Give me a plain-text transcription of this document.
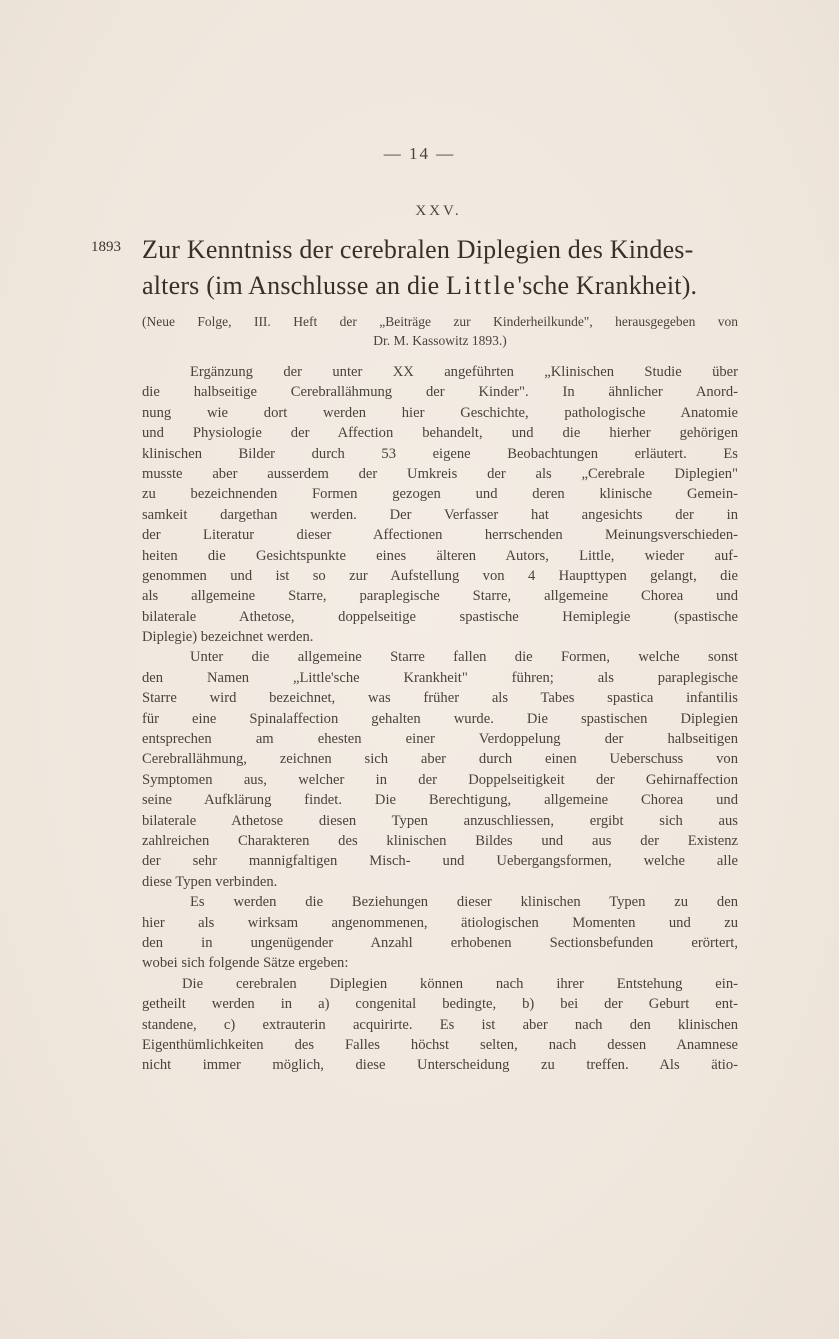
— 14 —
XXV.
1893 Zur Kenntniss der cerebralen Diplegien des Kindes-
alters (im Anschlusse an die Little'sche Krankheit).
(Neue Folge, III. Heft der „Beiträge zur Kinderheilkunde", herausgegeben von
Dr. M. Kassowitz 1893.)
Ergänzung der unter XX angeführten „Klinischen Studie über
die halbseitige Cerebrallähmung der Kinder". In ähnlicher Anord-
nung wie dort werden hier Geschichte, pathologische Anatomie
und Physiologie der Affection behandelt, und die hierher gehörigen
klinischen Bilder durch 53 eigene Beobachtungen erläutert. Es
musste aber ausserdem der Umkreis der als „Cerebrale Diplegien"
zu bezeichnenden Formen gezogen und deren klinische Gemein-
samkeit dargethan werden. Der Verfasser hat angesichts der in
der Literatur dieser Affectionen herrschenden Meinungsverschieden-
heiten die Gesichtspunkte eines älteren Autors, Little, wieder auf-
genommen und ist so zur Aufstellung von 4 Haupttypen gelangt, die
als allgemeine Starre, paraplegische Starre, allgemeine Chorea und
bilaterale Athetose, doppelseitige spastische Hemiplegie (spastische
Diplegie) bezeichnet werden.
Unter die allgemeine Starre fallen die Formen, welche sonst
den Namen „Little'sche Krankheit" führen; als paraplegische
Starre wird bezeichnet, was früher als Tabes spastica infantilis
für eine Spinalaffection gehalten wurde. Die spastischen Diplegien
entsprechen am ehesten einer Verdoppelung der halbseitigen
Cerebrallähmung, zeichnen sich aber durch einen Ueberschuss von
Symptomen aus, welcher in der Doppelseitigkeit der Gehirnaffection
seine Aufklärung findet. Die Berechtigung, allgemeine Chorea und
bilaterale Athetose diesen Typen anzuschliessen, ergibt sich aus
zahlreichen Charakteren des klinischen Bildes und aus der Existenz
der sehr mannigfaltigen Misch- und Uebergangsformen, welche alle
diese Typen verbinden.
Es werden die Beziehungen dieser klinischen Typen zu den
hier als wirksam angenommenen, ätiologischen Momenten und zu
den in ungenügender Anzahl erhobenen Sectionsbefunden erörtert,
wobei sich folgende Sätze ergeben:
Die cerebralen Diplegien können nach ihrer Entstehung ein-
getheilt werden in a) congenital bedingte, b) bei der Geburt ent-
standene, c) extrauterin acquirirte. Es ist aber nach den klinischen
Eigenthümlichkeiten des Falles höchst selten, nach dessen Anamnese
nicht immer möglich, diese Unterscheidung zu treffen. Als ätio-
